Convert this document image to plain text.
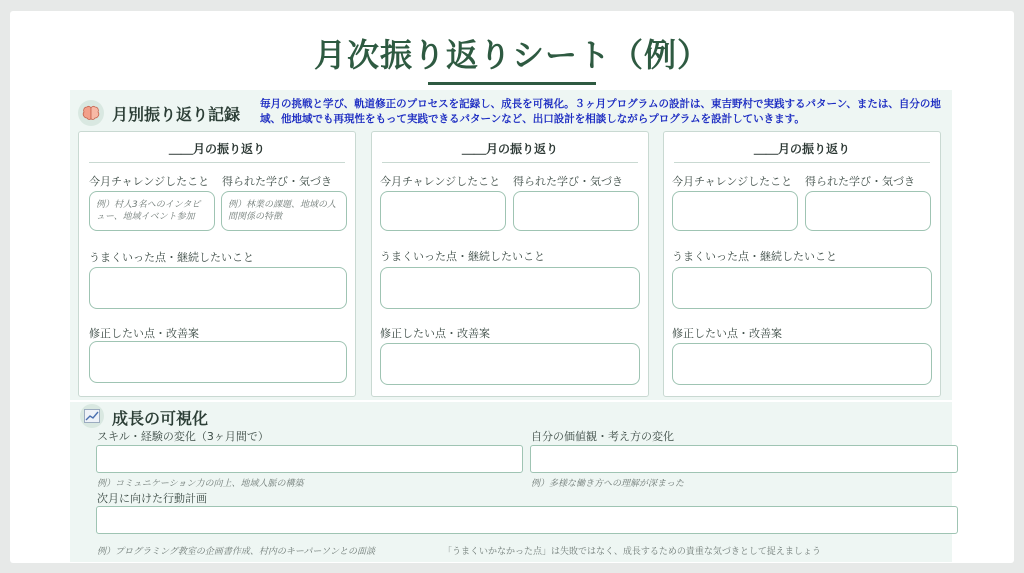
月次振り返りシート（例）
月別振り返り記録
毎月の挑戦と学び、軌道修正のプロセスを記録し、成長を可視化。３ヶ月プログラムの設計は、東吉野村で実践するパターン、または、自分の地域、他地域でも再現性をもって実践できるパターンなど、出口設計を相談しながらプログラムを設計していきます。
＿＿月の振り返り
今月チャレンジしたこと 得られた学び・気づき
例）村人3名へのインタビュー、地域イベント参加
例）林業の課題、地域の人間関係の特徴
うまくいった点・継続したいこと
修正したい点・改善案
＿＿月の振り返り
今月チャレンジしたこと 得られた学び・気づき
うまくいった点・継続したいこと
修正したい点・改善案
＿＿月の振り返り
今月チャレンジしたこと 得られた学び・気づき
うまくいった点・継続したいこと
修正したい点・改善案
成長の可視化
スキル・経験の変化（3ヶ月間で）
例）コミュニケーション力の向上、地域人脈の構築
自分の価値観・考え方の変化
例）多様な働き方への理解が深まった
次月に向けた行動計画
例）プログラミング教室の企画書作成、村内のキーパーソンとの面談	「うまくいかなかった点」は失敗ではなく、成長するための貴重な気づきとして捉えましょう
